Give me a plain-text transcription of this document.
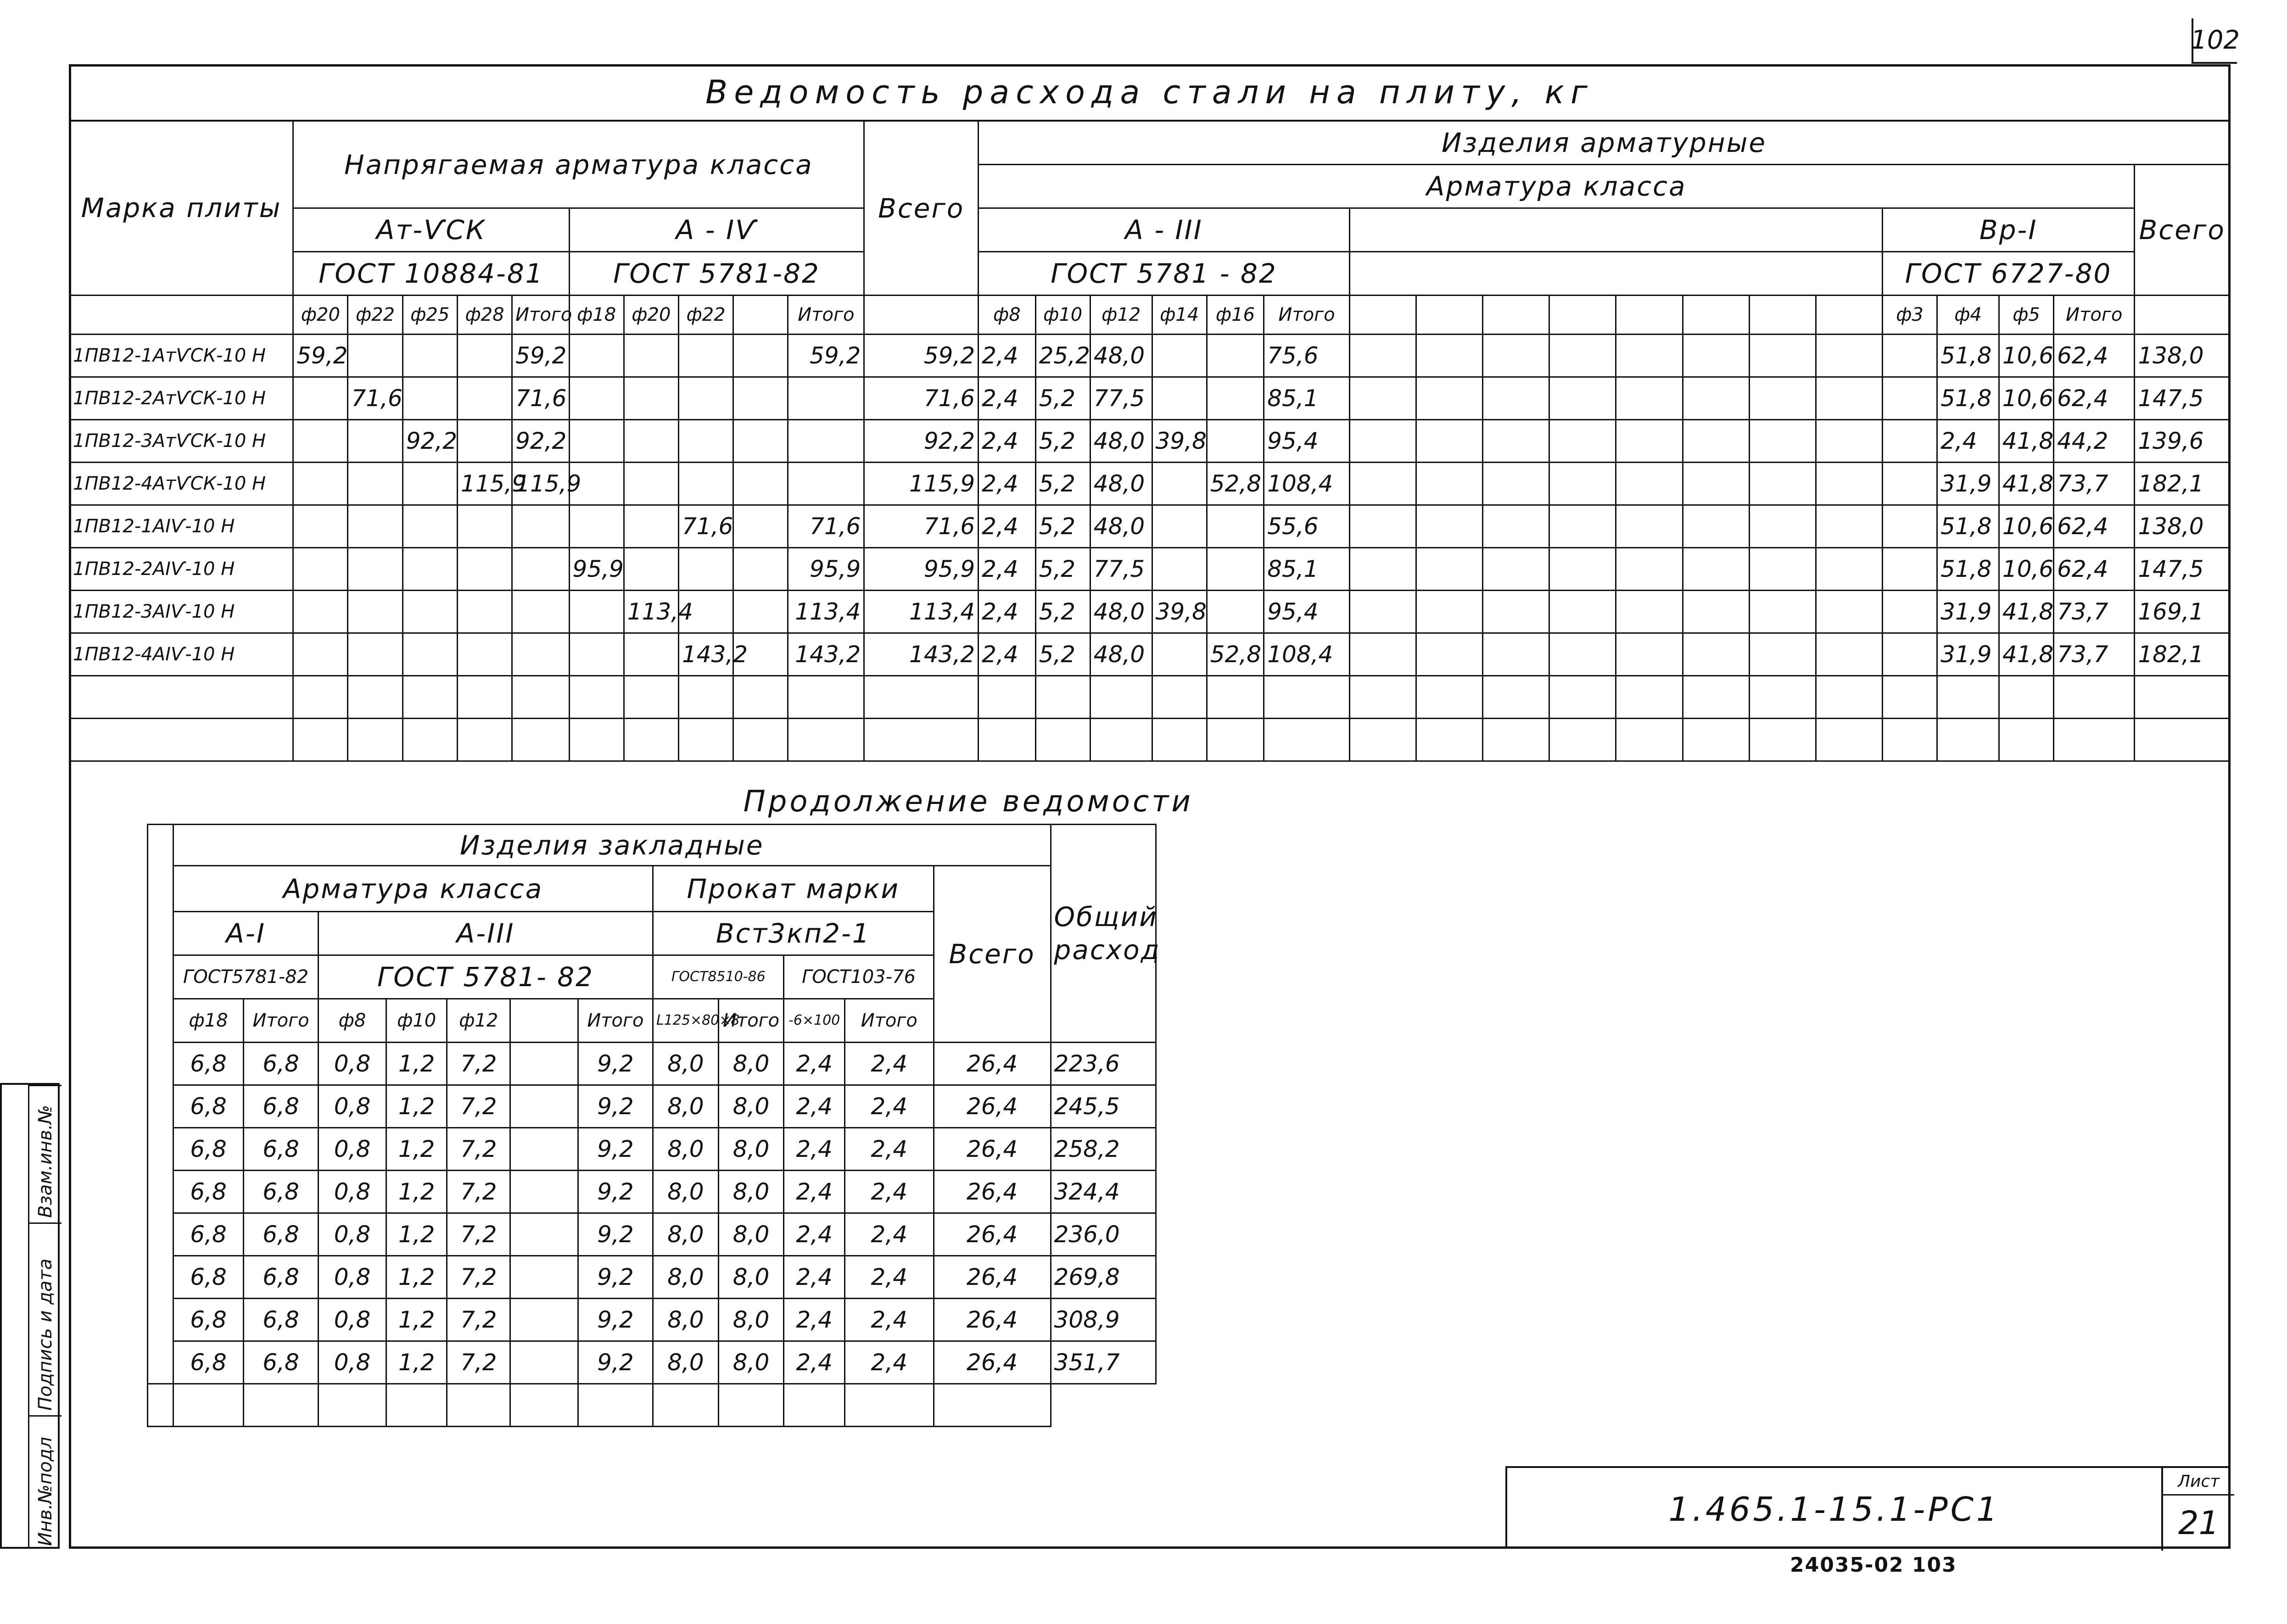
102
Ведомость расхода стали на плиту, кг
Марка плиты	Напрягаемая арматура класса										Всего	Изделия арматурные																		
												Арматура класса																		Всего
	Ат-ѴСК					А - IѴ						А - III														Вр-I				
	ГОСТ 10884-81					ГОСТ 5781-82						ГОСТ 5781 - 82														ГОСТ 6727-80				
	ф20	ф22	ф25	ф28	Итого	ф18	ф20	ф22		Итого		ф8	ф10	ф12	ф14	ф16	Итого									ф3	ф4	ф5	Итого	
1ПВ12-1АтѴСК-10 Н	59,2				59,2					59,2	59,2	2,4	25,2	48,0			75,6										51,8	10,6	62,4	138,0
1ПВ12-2АтѴСК-10 Н		71,6			71,6						71,6	2,4	5,2	77,5			85,1										51,8	10,6	62,4	147,5
1ПВ12-3АтѴСК-10 Н			92,2		92,2						92,2	2,4	5,2	48,0	39,8		95,4										2,4	41,8	44,2	139,6
1ПВ12-4АтѴСК-10 Н				115,9	115,9						115,9	2,4	5,2	48,0		52,8	108,4										31,9	41,8	73,7	182,1
1ПВ12-1АIѴ-10 Н								71,6		71,6	71,6	2,4	5,2	48,0			55,6										51,8	10,6	62,4	138,0
1ПВ12-2АIѴ-10 Н						95,9				95,9	95,9	2,4	5,2	77,5			85,1										51,8	10,6	62,4	147,5
1ПВ12-3АIѴ-10 Н							113,4			113,4	113,4	2,4	5,2	48,0	39,8		95,4										31,9	41,8	73,7	169,1
1ПВ12-4АIѴ-10 Н								143,2		143,2	143,2	2,4	5,2	48,0		52,8	108,4										31,9	41,8	73,7	182,1

Продолжение ведомости
	Изделия закладные												Общий расход
	Арматура класса							Прокат марки				Всего	
	А-I		А-III					Вст3кп2-1					
	ГОСТ5781-82		ГОСТ 5781- 82					ГОСТ8510-86		ГОСТ103-76			
	ф18	Итого	ф8	ф10	ф12		Итого	L125×80×8	Итого	-6×100	Итого		
	6,8	6,8	0,8	1,2	7,2		9,2	8,0	8,0	2,4	2,4	26,4	223,6
	6,8	6,8	0,8	1,2	7,2		9,2	8,0	8,0	2,4	2,4	26,4	245,5
	6,8	6,8	0,8	1,2	7,2		9,2	8,0	8,0	2,4	2,4	26,4	258,2
	6,8	6,8	0,8	1,2	7,2		9,2	8,0	8,0	2,4	2,4	26,4	324,4
	6,8	6,8	0,8	1,2	7,2		9,2	8,0	8,0	2,4	2,4	26,4	236,0
	6,8	6,8	0,8	1,2	7,2		9,2	8,0	8,0	2,4	2,4	26,4	269,8
	6,8	6,8	0,8	1,2	7,2		9,2	8,0	8,0	2,4	2,4	26,4	308,9
	6,8	6,8	0,8	1,2	7,2		9,2	8,0	8,0	2,4	2,4	26,4	351,7

Взам.инв.№
Подпись и дата
Инв.№подл	1.465.1-15.1-РС1
Лист
21
24035-02 103
